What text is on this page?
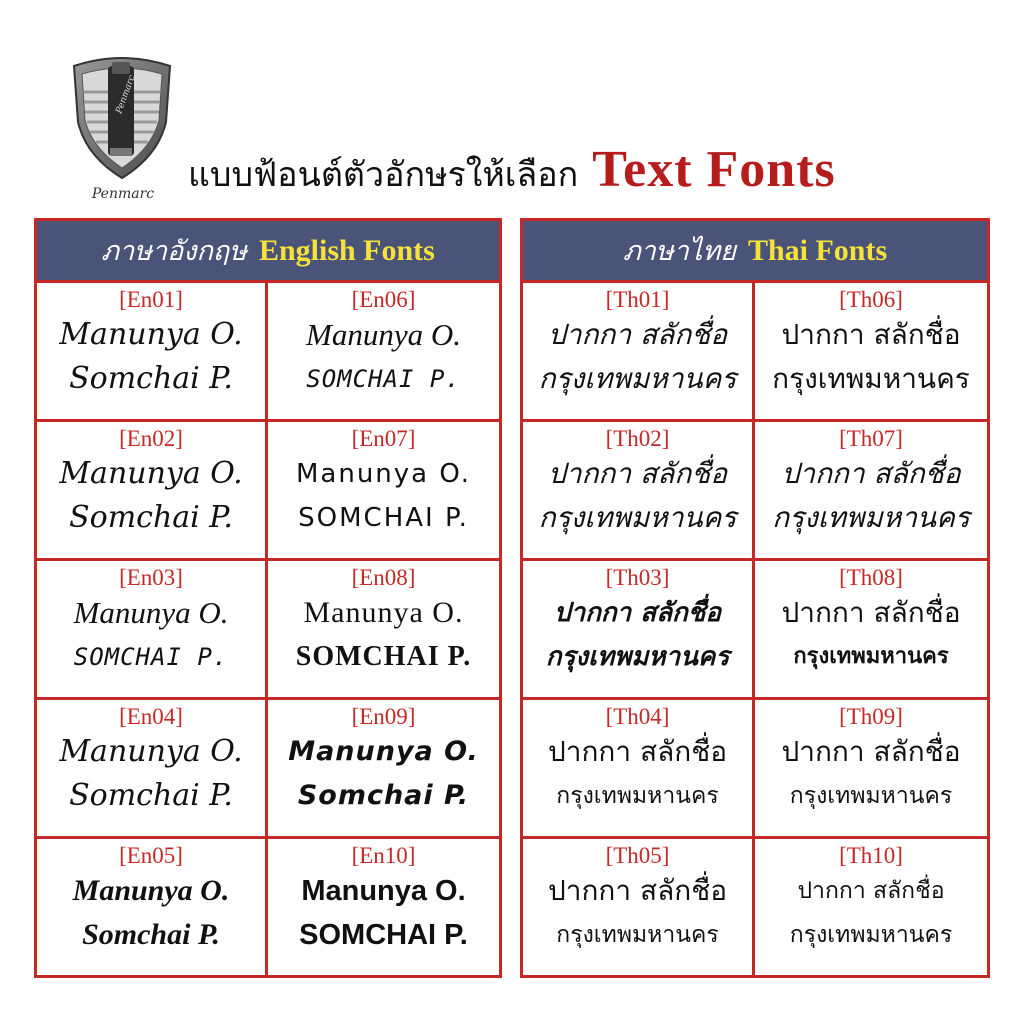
Penmarc
Penmarc แบบฟ้อนต์ตัวอักษรให้เลือก Text Fonts
ภาษาอังกฤษ English Fonts
[En01]
Manunya O.
Somchai P.
[En06]
Manunya O.
SOMCHAI P.
[En02]
Manunya O.
Somchai P.
[En07]
Manunya O.
SOMCHAI P.
[En03]
Manunya O.
SOMCHAI P.
[En08]
Manunya O.
SOMCHAI P.
[En04]
Manunya O.
Somchai P.
[En09]
Manunya O.
Somchai P.
[En05]
Manunya O.
Somchai P.
[En10]
Manunya O.
SOMCHAI P.
ภาษาไทย Thai Fonts
[Th01]
ปากกา สลักชื่อ
กรุงเทพมหานคร
[Th06]
ปากกา สลักชื่อ
กรุงเทพมหานคร
[Th02]
ปากกา สลักชื่อ
กรุงเทพมหานคร
[Th07]
ปากกา สลักชื่อ
กรุงเทพมหานคร
[Th03]
ปากกา สลักชื่อ
กรุงเทพมหานคร
[Th08]
ปากกา สลักชื่อ
กรุงเทพมหานคร
[Th04]
ปากกา สลักชื่อ
กรุงเทพมหานคร
[Th09]
ปากกา สลักชื่อ
กรุงเทพมหานคร
[Th05]
ปากกา สลักชื่อ
กรุงเทพมหานคร
[Th10]
ปากกา สลักชื่อ
กรุงเทพมหานคร
